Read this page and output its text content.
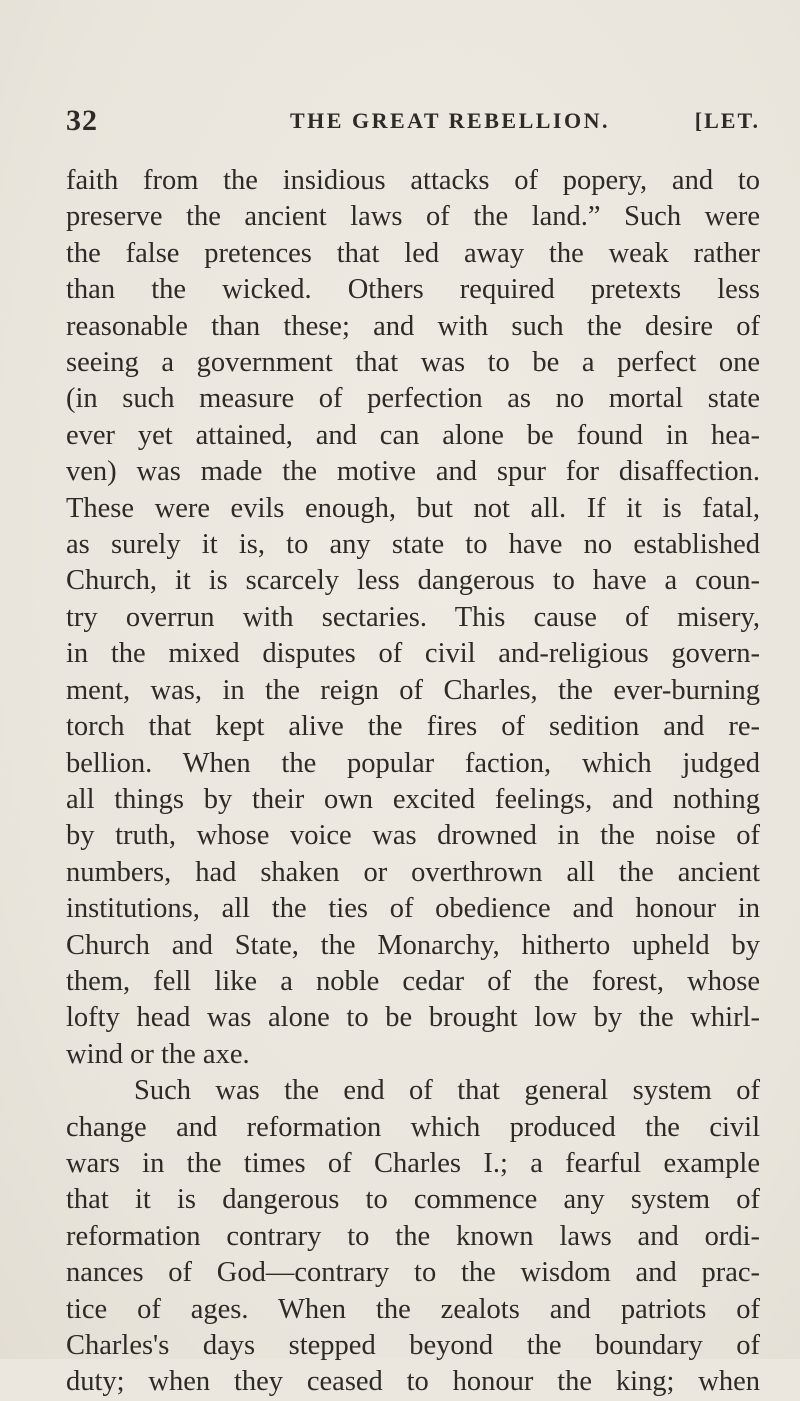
32	THE GREAT REBELLION.	[LET.
faith from the insidious attacks of popery, and to
preserve the ancient laws of the land.” Such were
the false pretences that led away the weak rather
than the wicked. Others required pretexts less
reasonable than these; and with such the desire of
seeing a government that was to be a perfect one
(in such measure of perfection as no mortal state
ever yet attained, and can alone be found in hea-
ven) was made the motive and spur for disaffection.
These were evils enough, but not all. If it is fatal,
as surely it is, to any state to have no established
Church, it is scarcely less dangerous to have a coun-
try overrun with sectaries. This cause of misery,
in the mixed disputes of civil and-religious govern-
ment, was, in the reign of Charles, the ever-burning
torch that kept alive the fires of sedition and re-
bellion. When the popular faction, which judged
all things by their own excited feelings, and nothing
by truth, whose voice was drowned in the noise of
numbers, had shaken or overthrown all the ancient
institutions, all the ties of obedience and honour in
Church and State, the Monarchy, hitherto upheld by
them, fell like a noble cedar of the forest, whose
lofty head was alone to be brought low by the whirl-
wind or the axe.
Such was the end of that general system of
change and reformation which produced the civil
wars in the times of Charles I.; a fearful example
that it is dangerous to commence any system of
reformation contrary to the known laws and ordi-
nances of God—contrary to the wisdom and prac-
tice of ages. When the zealots and patriots of
Charles's days stepped beyond the boundary of
duty; when they ceased to honour the king; when
